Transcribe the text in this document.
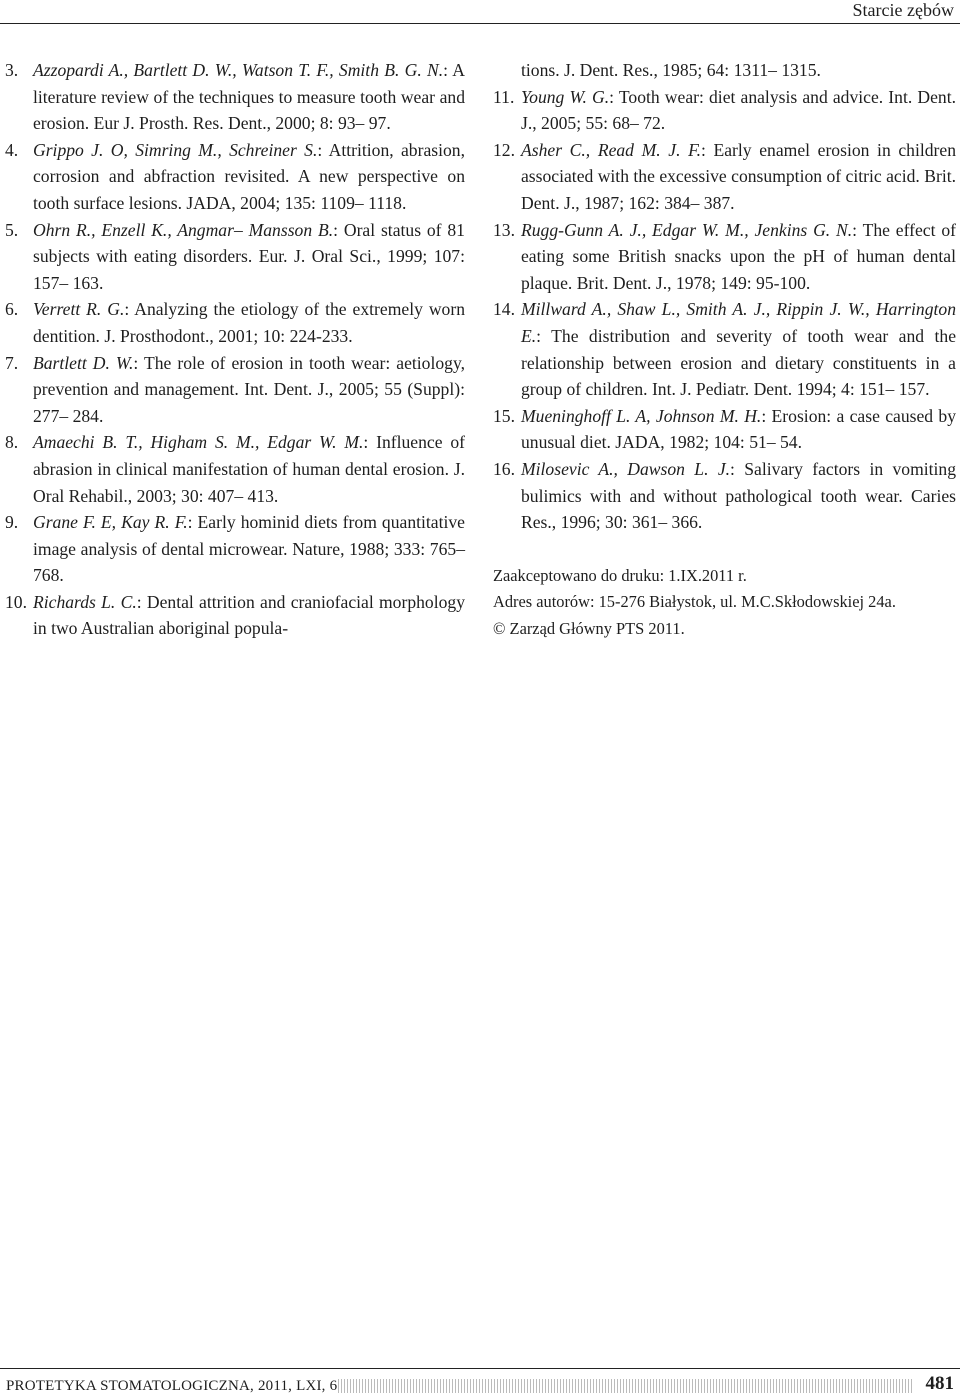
Starcie zębów
3. Azzopardi A., Bartlett D. W., Watson T. F., Smith B. G. N.: A literature review of the techniques to measure tooth wear and erosion. Eur J. Prosth. Res. Dent., 2000; 8: 93– 97.
4. Grippo J. O, Simring M., Schreiner S.: Attrition, abrasion, corrosion and abfraction revisited. A new perspective on tooth surface lesions. JADA, 2004; 135: 1109– 1118.
5. Ohrn R., Enzell K., Angmar– Mansson B.: Oral status of 81 subjects with eating disorders. Eur. J. Oral Sci., 1999; 107: 157– 163.
6. Verrett R. G.: Analyzing the etiology of the extremely worn dentition. J. Prosthodont., 2001; 10: 224-233.
7. Bartlett D. W.: The role of erosion in tooth wear: aetiology, prevention and management. Int. Dent. J., 2005; 55 (Suppl): 277– 284.
8. Amaechi B. T., Higham S. M., Edgar W. M.: Influence of abrasion in clinical manifestation of human dental erosion. J. Oral Rehabil., 2003; 30: 407– 413.
9. Grane F. E, Kay R. F.: Early hominid diets from quantitative image analysis of dental microwear. Nature, 1988; 333: 765– 768.
10. Richards L. C.: Dental attrition and craniofacial morphology in two Australian aboriginal popula-
tions. J. Dent. Res., 1985; 64: 1311– 1315.
11. Young W. G.: Tooth wear: diet analysis and advice. Int. Dent. J., 2005; 55: 68– 72.
12. Asher C., Read M. J. F.: Early enamel erosion in children associated with the excessive consumption of citric acid. Brit. Dent. J., 1987; 162: 384– 387.
13. Rugg-Gunn A. J., Edgar W. M., Jenkins G. N.: The effect of eating some British snacks upon the pH of human dental plaque. Brit. Dent. J., 1978; 149: 95-100.
14. Millward A., Shaw L., Smith A. J., Rippin J. W., Harrington E.: The distribution and severity of tooth wear and the relationship between erosion and dietary constituents in a group of children. Int. J. Pediatr. Dent. 1994; 4: 151– 157.
15. Mueninghoff L. A, Johnson M. H.: Erosion: a case caused by unusual diet. JADA, 1982; 104: 51– 54.
16. Milosevic A., Dawson L. J.: Salivary factors in vomiting bulimics with and without pathological tooth wear. Caries Res., 1996; 30: 361– 366.
Zaakceptowano do druku: 1.IX.2011 r.
Adres autorów: 15-276 Białystok, ul. M.C.Skłodowskiej 24a.
© Zarząd Główny PTS 2011.
PROTETYKA STOMATOLOGICZNA, 2011, LXI, 6	481
